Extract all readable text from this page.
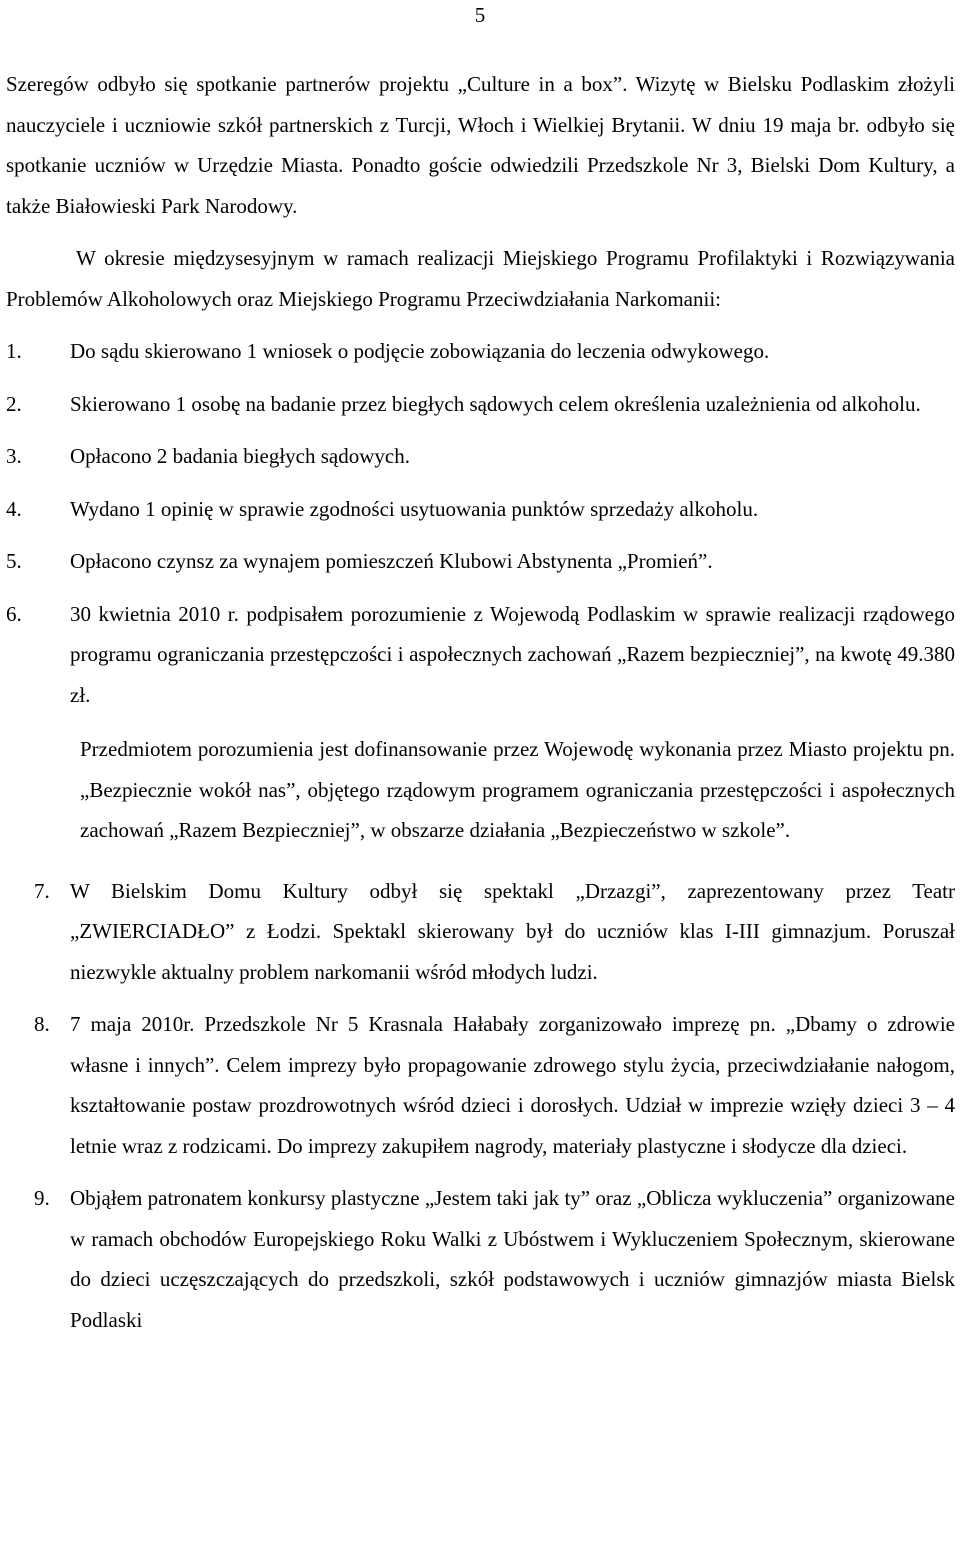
5

Szeregów odbyło się spotkanie partnerów projektu „Culture in a box”. Wizytę w Bielsku Podlaskim złożyli nauczyciele i uczniowie szkół partnerskich z Turcji, Włoch i Wielkiej Brytanii. W dniu 19 maja br. odbyło się spotkanie uczniów w Urzędzie Miasta. Ponadto goście odwiedzili Przedszkole Nr 3, Bielski Dom Kultury, a także Białowieski Park Narodowy.

W okresie międzysesyjnym w ramach realizacji Miejskiego Programu Profilaktyki i Rozwiązywania Problemów Alkoholowych oraz Miejskiego Programu Przeciwdziałania Narkomanii:

1.	Do sądu skierowano 1 wniosek o podjęcie zobowiązania do leczenia odwykowego.
2.	Skierowano 1 osobę na badanie przez biegłych sądowych celem określenia uzależnienia od alkoholu.
3.	Opłacono 2 badania biegłych sądowych.
4.	Wydano 1 opinię w sprawie zgodności usytuowania punktów sprzedaży alkoholu.
5.	Opłacono czynsz za wynajem pomieszczeń Klubowi Abstynenta „Promień”.
6.	30 kwietnia 2010 r. podpisałem porozumienie z Wojewodą Podlaskim w sprawie realizacji rządowego programu ograniczania przestępczości i aspołecznych zachowań „Razem bezpieczniej”, na kwotę 49.380 zł.

Przedmiotem porozumienia jest dofinansowanie przez Wojewodę wykonania przez Miasto projektu pn. „Bezpiecznie wokół nas”, objętego rządowym programem ograniczania przestępczości i aspołecznych zachowań „Razem Bezpieczniej”, w obszarze działania „Bezpieczeństwo w szkole”.

7. W Bielskim Domu Kultury odbył się spektakl „Drzazgi”, zaprezentowany przez Teatr „ZWIERCIADŁO” z Łodzi. Spektakl skierowany był do uczniów klas I-III gimnazjum. Poruszał niezwykle aktualny problem narkomanii wśród młodych ludzi.
8. 7 maja 2010r. Przedszkole Nr 5 Krasnala Hałabały zorganizowało imprezę pn. „Dbamy o zdrowie własne i innych”. Celem imprezy było propagowanie zdrowego stylu życia, przeciwdziałanie nałogom, kształtowanie postaw prozdrowotnych wśród dzieci i dorosłych. Udział w imprezie wzięły dzieci 3 – 4 letnie wraz z rodzicami. Do imprezy zakupiłem nagrody, materiały plastyczne i słodycze dla dzieci.
9. Objąłem patronatem konkursy plastyczne „Jestem taki jak ty” oraz „Oblicza wykluczenia” organizowane w ramach obchodów Europejskiego Roku Walki z Ubóstwem i Wykluczeniem Społecznym, skierowane do dzieci uczęszczających do przedszkoli, szkół podstawowych i uczniów gimnazjów miasta Bielsk Podlaski
